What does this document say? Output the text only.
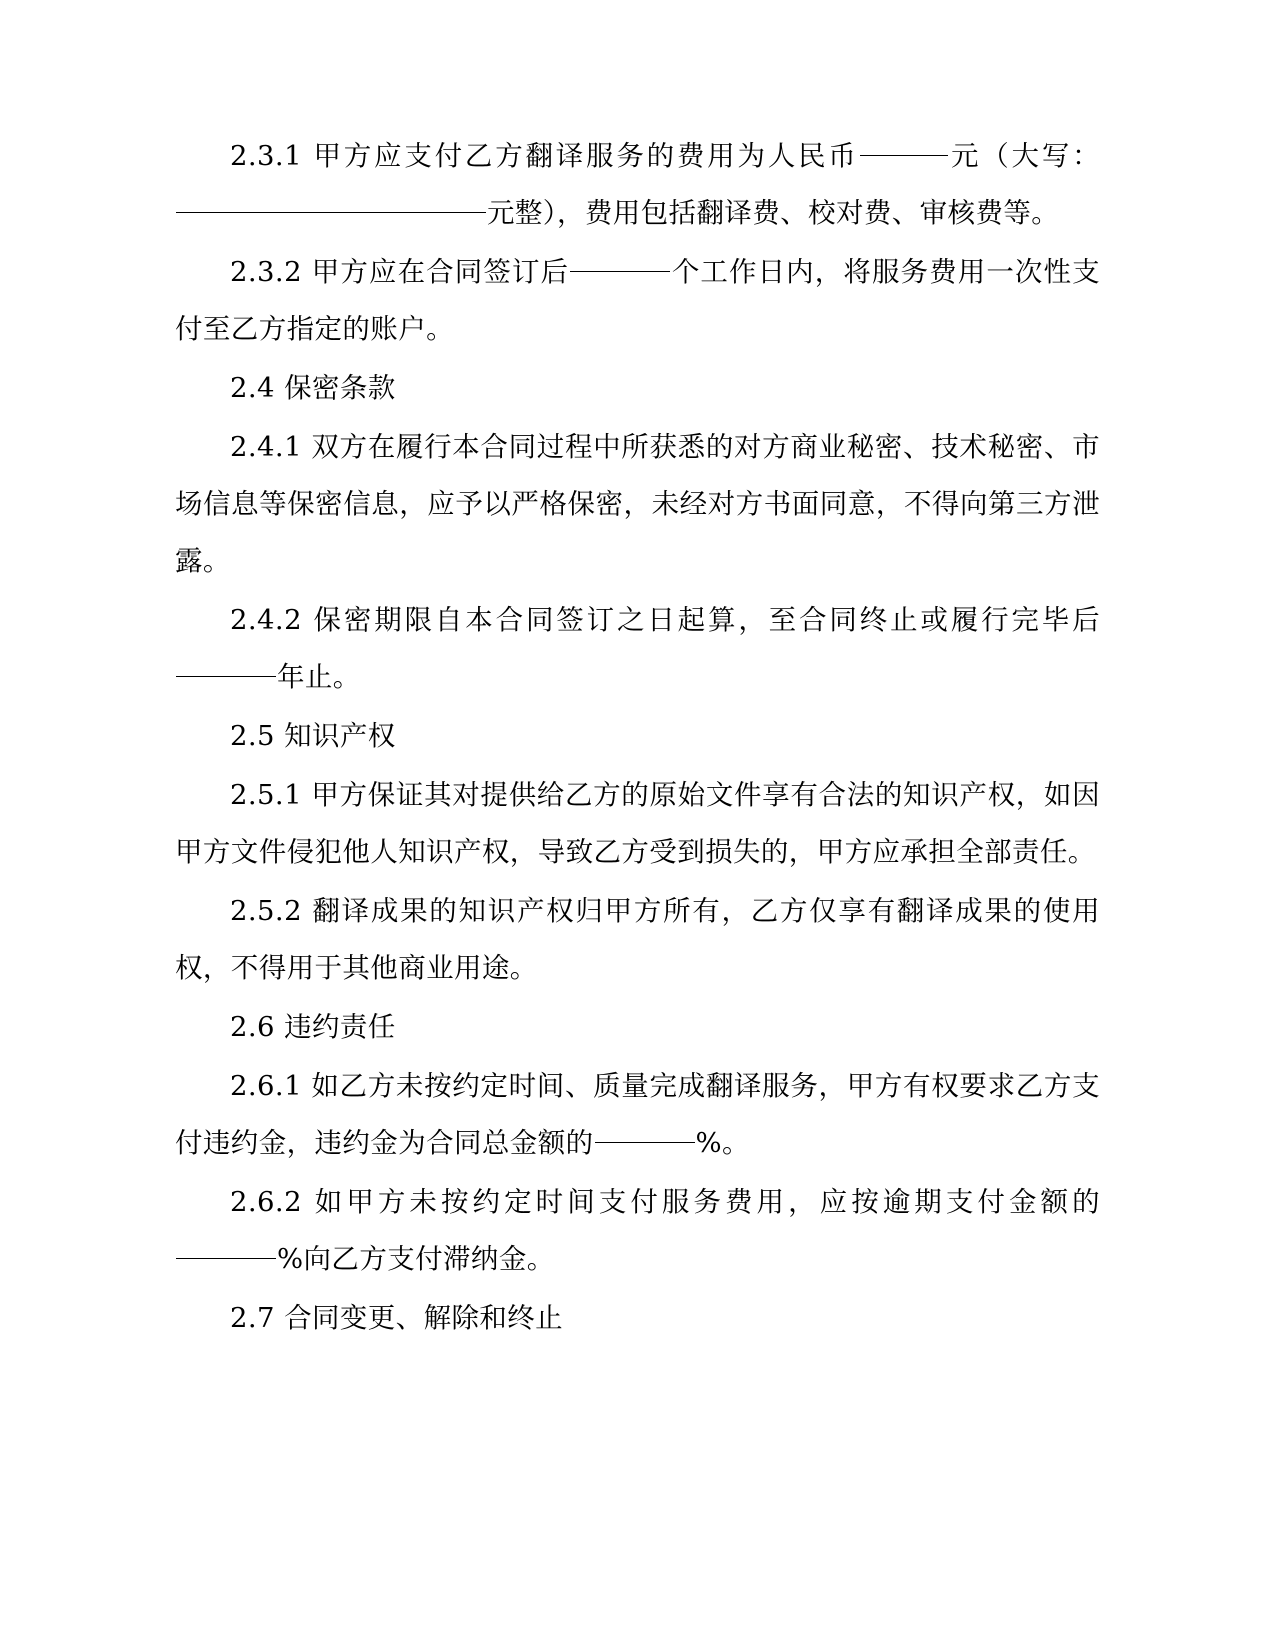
2.3.1 甲方应支付乙方翻译服务的费用为人民币	元（大写： 元整），费用包括翻译费、校对费、审核费等。

2.3.2 甲方应在合同签订后	个工作日内，将服务费用一次性支付至乙方指定的账户。

2.4 保密条款

2.4.1 双方在履行本合同过程中所获悉的对方商业秘密、技术秘密、市场信息等保密信息，应予以严格保密，未经对方书面同意，不得向第三方泄露。

2.4.2 保密期限自本合同签订之日起算，至合同终止或履行完毕后 年止。

2.5 知识产权

2.5.1 甲方保证其对提供给乙方的原始文件享有合法的知识产权，如因甲方文件侵犯他人知识产权，导致乙方受到损失的，甲方应承担全部责任。

2.5.2 翻译成果的知识产权归甲方所有，乙方仅享有翻译成果的使用权，不得用于其他商业用途。

2.6 违约责任

2.6.1 如乙方未按约定时间、质量完成翻译服务，甲方有权要求乙方支付违约金，违约金为合同总金额的	%。

2.6.2 如甲方未按约定时间支付服务费用，应按逾期支付金额的 %向乙方支付滞纳金。

2.7 合同变更、解除和终止
